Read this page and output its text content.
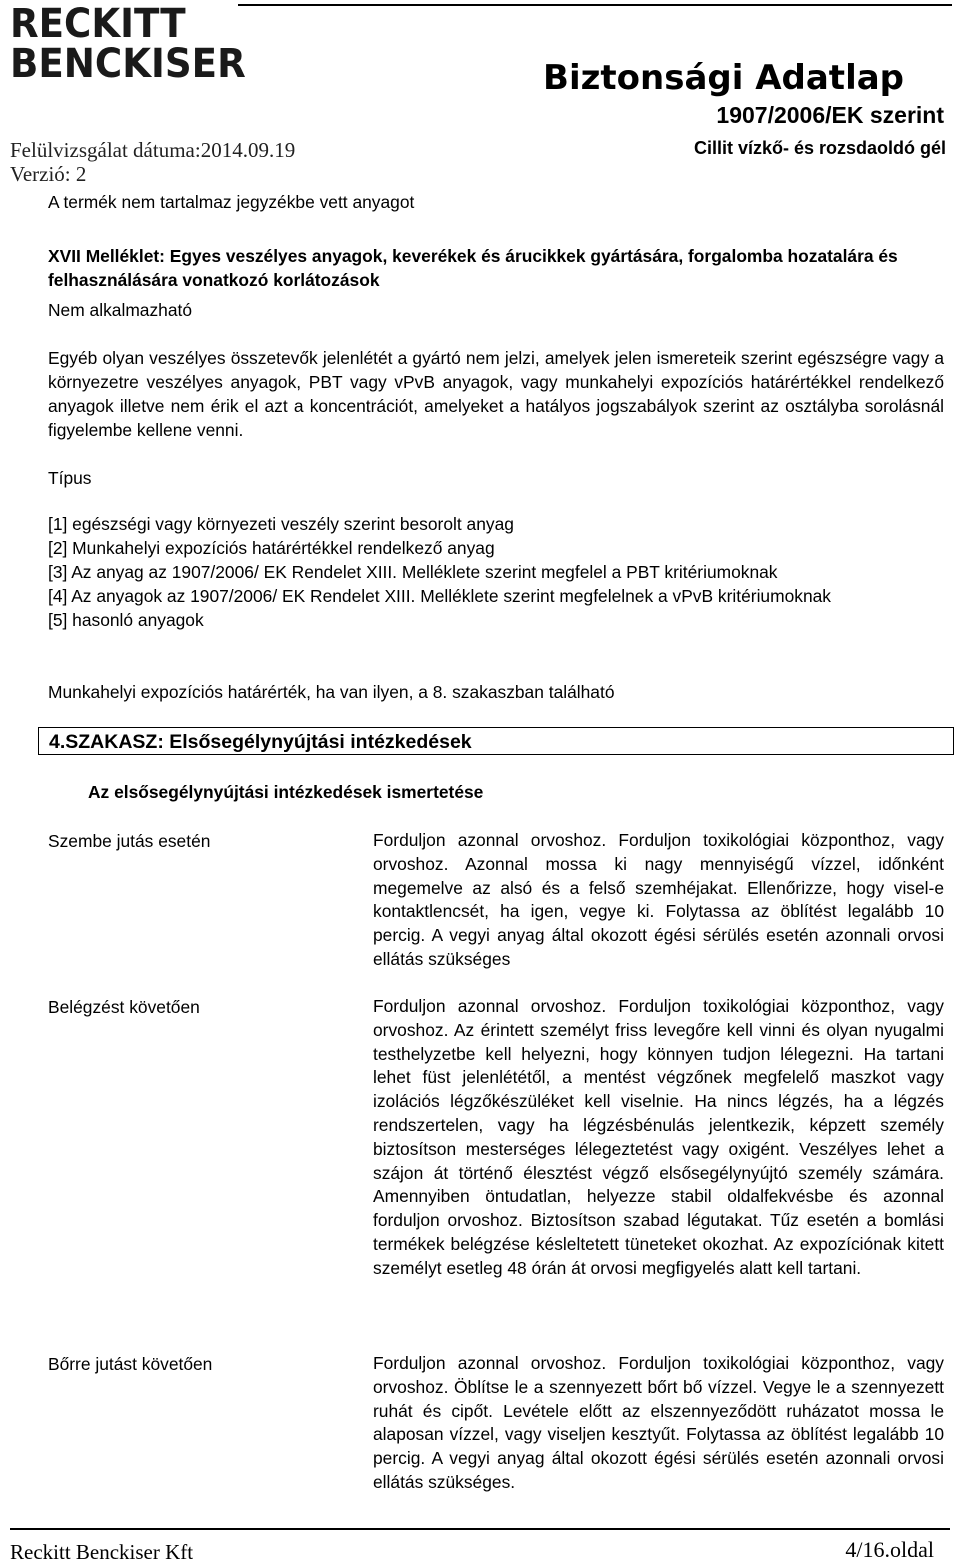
RECKITT
BENCKISER	Biztonsági Adatlap
1907/2006/EK szerint
Cillit vízkő- és rozsdaoldó gél
Felülvizsgálat dátuma:2014.09.19
Verzió: 2
A termék nem tartalmaz jegyzékbe vett anyagot
XVII Melléklet: Egyes veszélyes anyagok, keverékek és árucikkek gyártására, forgalomba hozatalára és felhasználására vonatkozó korlátozások
Nem alkalmazható
Egyéb olyan veszélyes összetevők jelenlétét a gyártó nem jelzi, amelyek jelen ismereteik szerint egészségre vagy a környezetre veszélyes anyagok, PBT vagy vPvB anyagok, vagy munkahelyi expozíciós határértékkel rendelkező anyagok illetve nem érik el azt a koncentrációt, amelyeket a hatályos jogszabályok szerint az osztályba sorolásnál figyelembe kellene venni.
Típus
[1] egészségi vagy környezeti veszély szerint besorolt anyag
[2] Munkahelyi expozíciós határértékkel rendelkező anyag
[3] Az anyag az 1907/2006/ EK Rendelet XIII. Melléklete szerint megfelel a PBT kritériumoknak
[4] Az anyagok az 1907/2006/ EK Rendelet XIII. Melléklete szerint megfelelnek a vPvB kritériumoknak
[5] hasonló anyagok
Munkahelyi expozíciós határérték, ha van ilyen, a 8. szakaszban található
4.SZAKASZ: Elsősegélynyújtási intézkedések
Az elsősegélynyújtási intézkedések ismertetése
Szembe jutás esetén	Forduljon azonnal orvoshoz. Forduljon toxikológiai központhoz, vagy orvoshoz. Azonnal mossa ki nagy mennyiségű vízzel, időnként megemelve az alsó és a felső szemhéjakat. Ellenőrizze, hogy visel-e kontaktlencsét, ha igen, vegye ki. Folytassa az öblítést legalább 10 percig. A vegyi anyag által okozott égési sérülés esetén azonnali orvosi ellátás szükséges
Belégzést követően	Forduljon azonnal orvoshoz. Forduljon toxikológiai központhoz, vagy orvoshoz. Az érintett személyt friss levegőre kell vinni és olyan nyugalmi testhelyzetbe kell helyezni, hogy könnyen tudjon lélegezni. Ha tartani lehet füst jelenlététől, a mentést végzőnek megfelelő maszkot vagy izolációs légzőkészüléket kell viselnie. Ha nincs légzés, ha a légzés rendszertelen, vagy ha légzésbénulás jelentkezik, képzett személy biztosítson mesterséges lélegeztetést vagy oxigént. Veszélyes lehet a szájon át történő élesztést végző elsősegélynyújtó személy számára. Amennyiben öntudatlan, helyezze stabil oldalfekvésbe és azonnal forduljon orvoshoz. Biztosítson szabad légutakat. Tűz esetén a bomlási termékek belégzése késleltetett tüneteket okozhat. Az expozíciónak kitett személyt esetleg 48 órán át orvosi megfigyelés alatt kell tartani.
Bőrre jutást követően	Forduljon azonnal orvoshoz. Forduljon toxikológiai központhoz, vagy orvoshoz. Öblítse le a szennyezett bőrt bő vízzel. Vegye le a szennyezett ruhát és cipőt. Levétele előtt az elszennyeződött ruházatot mossa le alaposan vízzel, vagy viseljen kesztyűt. Folytassa az öblítést legalább 10 percig. A vegyi anyag által okozott égési sérülés esetén azonnali orvosi ellátás szükséges.
Reckitt Benckiser Kft	4/16.oldal
